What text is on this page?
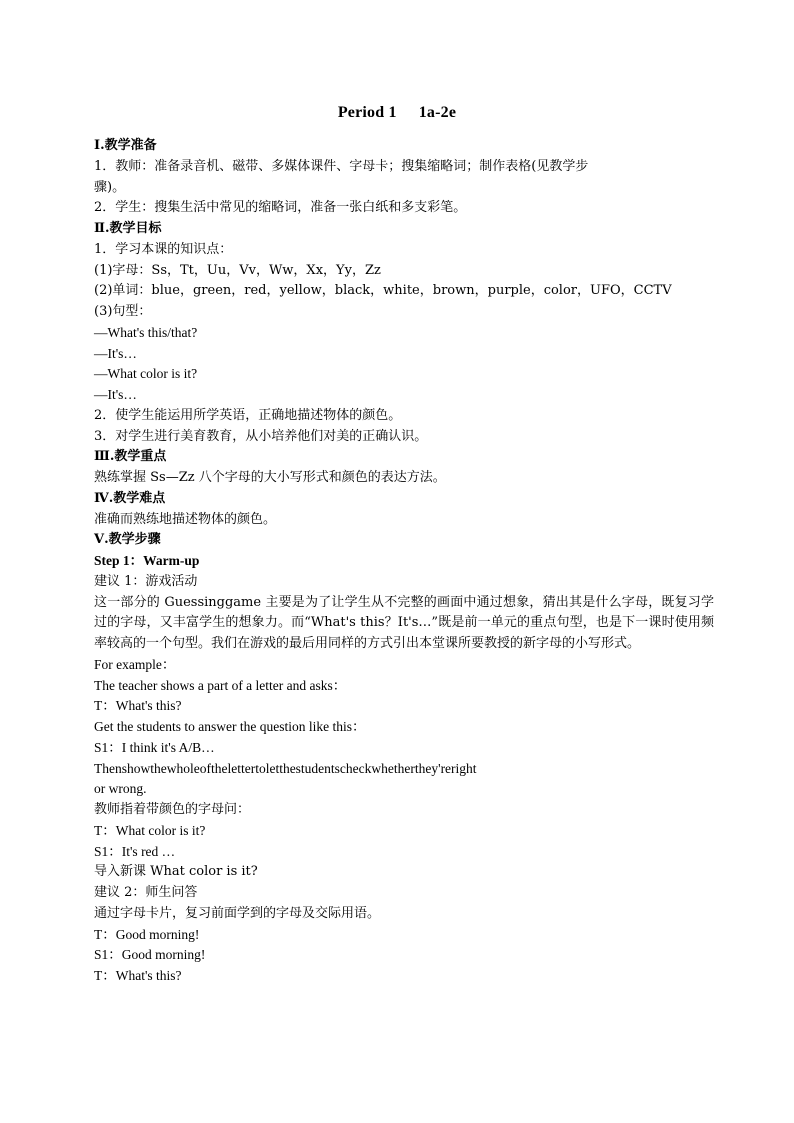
Period 1 1a-2e
Ⅰ.教学准备
1．教师：准备录音机、磁带、多媒体课件、字母卡；搜集缩略词；制作表格(见教学步
骤)。
2．学生：搜集生活中常见的缩略词，准备一张白纸和多支彩笔。
Ⅱ.教学目标
1．学习本课的知识点：
(1)字母：Ss，Tt，Uu，Vv，Ww，Xx，Yy，Zz
(2)单词：blue，green，red，yellow，black，white，brown，purple，color，UFO，CCTV
(3)句型：
—What's this/that?
—It's…
—What color is it?
—It's…
2．使学生能运用所学英语，正确地描述物体的颜色。
3．对学生进行美育教育，从小培养他们对美的正确认识。
Ⅲ.教学重点
熟练掌握 Ss—Zz 八个字母的大小写形式和颜色的表达方法。
Ⅳ.教学难点
准确而熟练地描述物体的颜色。
Ⅴ.教学步骤
Step 1：Warm-up
建议 1：游戏活动
这一部分的 Guessinggame 主要是为了让学生从不完整的画面中通过想象，猜出其是什么字母，既复习学过的字母，又丰富学生的想象力。而“What's this？It's…”既是前一单元的重点句型，也是下一课时使用频率较高的一个句型。我们在游戏的最后用同样的方式引出本堂课所要教授的新字母的小写形式。
For example：
The teacher shows a part of a letter and asks：
T：What's this?
Get the students to answer the question like this：
S1：I think it's A/B…
Thenshowthewholeofthelettertoletthestudentscheckwhetherthey'reright
or wrong.
教师指着带颜色的字母问：
T：What color is it?
S1：It's red …
导入新课 What color is it?
建议 2：师生问答
通过字母卡片，复习前面学到的字母及交际用语。
T：Good morning!
S1：Good morning!
T：What's this?
